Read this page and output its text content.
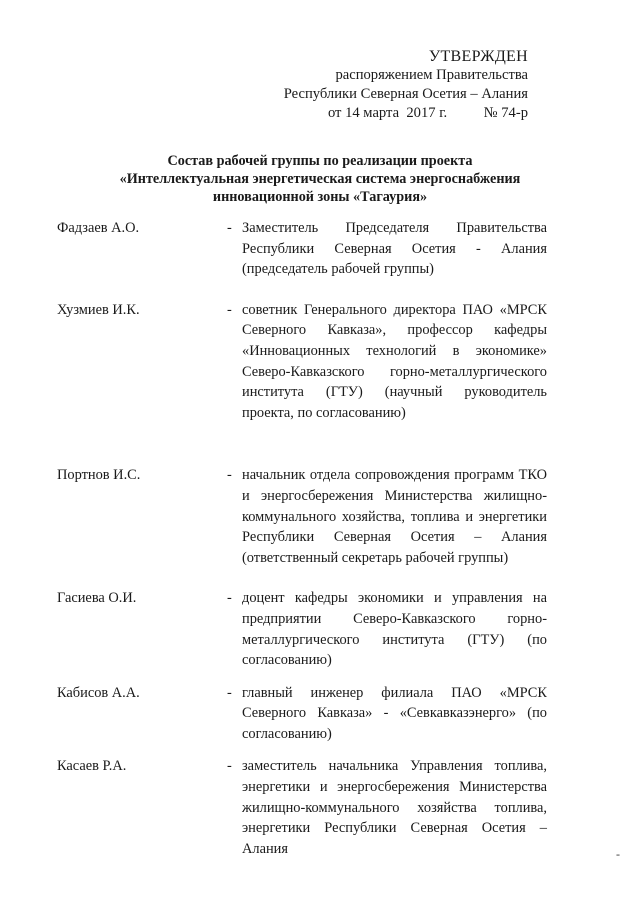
УТВЕРЖДЕН
распоряжением Правительства
Республики Северная Осетия – Алания
от 14 марта  2017 г.          № 74-р
Состав рабочей группы по реализации проекта
«Интеллектуальная энергетическая система энергоснабжения
инновационной зоны «Тагаурия»
Фадзаев А.О.	- Заместитель Председателя Правительства Республики Северная Осетия - Алания (председатель рабочей группы)
Хузмиев И.К.	- советник Генерального директора ПАО «МРСК Северного Кавказа», профессор кафедры «Инновационных технологий в экономике» Северо-Кавказского горно-металлургического института (ГТУ) (научный руководитель проекта, по согласованию)
Портнов И.С.	- начальник отдела сопровождения программ ТКО и энергосбережения Министерства жилищно-коммунального хозяйства, топлива и энергетики Республики Северная Осетия – Алания (ответственный секретарь рабочей группы)
Гасиева О.И.	- доцент кафедры экономики и управления на предприятии Северо-Кавказского горно-металлургического института (ГТУ) (по согласованию)
Кабисов А.А.	- главный инженер филиала ПАО «МРСК Северного Кавказа» - «Севкавказэнерго» (по согласованию)
Касаев Р.А.	- заместитель начальника Управления топлива, энергетики и энергосбережения Министерства жилищно-коммунального хозяйства топлива, энергетики Республики Северная Осетия – Алания	-
